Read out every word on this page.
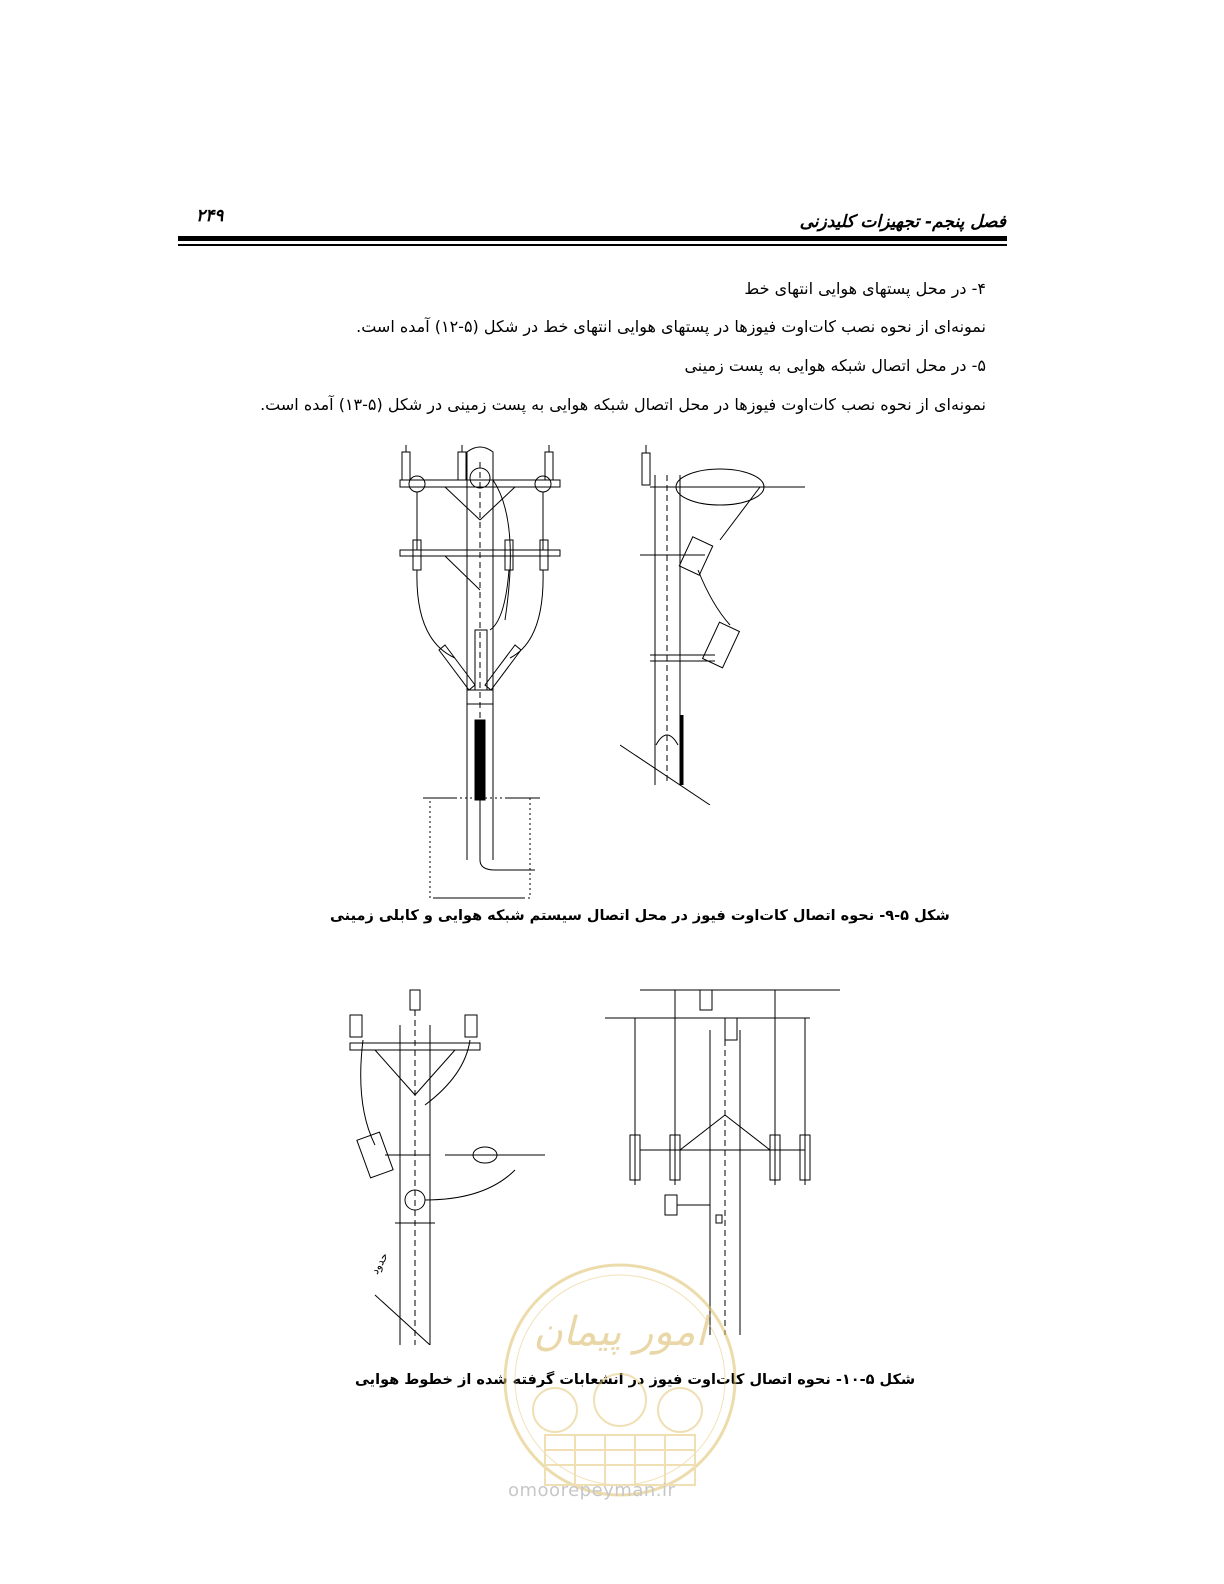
فصل پنجم- تجهیزات کلیدزنی
۲۴۹
۴- در محل پستهای هوایی انتهای خط
نمونه‌ای از نحوه نصب کات‌اوت فیوزها در پستهای هوایی انتهای خط در شکل (۵-۱۲) آمده است.
۵- در محل اتصال شبکه هوایی به پست زمینی
نمونه‌ای از نحوه نصب کات‌اوت فیوزها در محل اتصال شبکه هوایی به پست زمینی در شکل (۵-۱۳) آمده است.
شکل ۵-۹- نحوه اتصال کات‌اوت فیوز در محل اتصال سیستم شبکه هوایی و کابلی زمینی
حدود
شکل ۵-۱۰- نحوه اتصال کات‌اوت فیوز در انشعابات گرفته شده از خطوط هوایی
امور پیمان
omoorepeyman.ir
